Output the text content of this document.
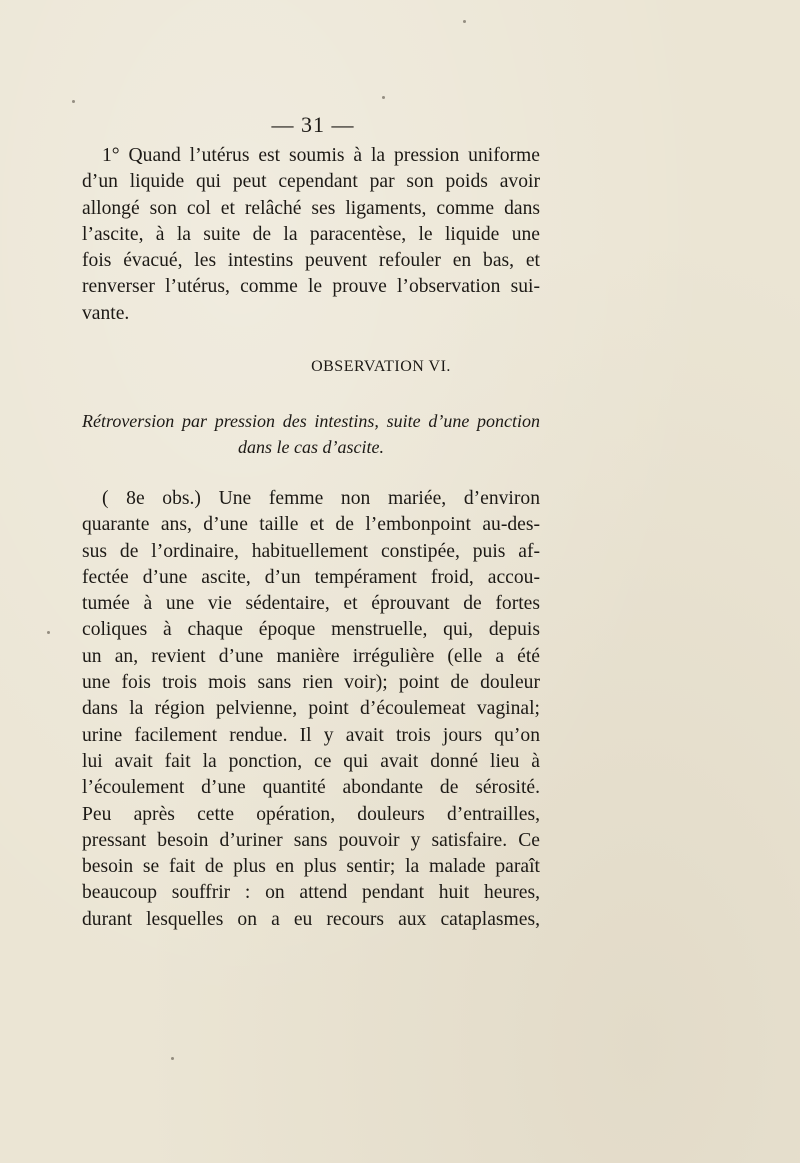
— 31 —
1° Quand l’utérus est soumis à la pression uniforme
d’un liquide qui peut cependant par son poids avoir
allongé son col et relâché ses ligaments, comme dans
l’ascite, à la suite de la paracentèse, le liquide une
fois évacué, les intestins peuvent refouler en bas, et
renverser l’utérus, comme le prouve l’observation sui-
vante.
OBSERVATION VI.
Rétroversion par pression des intestins, suite d’une ponction
dans le cas d’ascite.
( 8e obs.) Une femme non mariée, d’environ
quarante ans, d’une taille et de l’embonpoint au-des-
sus de l’ordinaire, habituellement constipée, puis af-
fectée d’une ascite, d’un tempérament froid, accou-
tumée à une vie sédentaire, et éprouvant de fortes
coliques à chaque époque menstruelle, qui, depuis
un an, revient d’une manière irrégulière (elle a été
une fois trois mois sans rien voir); point de douleur
dans la région pelvienne, point d’écoulemeat vaginal;
urine facilement rendue. Il y avait trois jours qu’on
lui avait fait la ponction, ce qui avait donné lieu à
l’écoulement d’une quantité abondante de sérosité.
Peu après cette opération, douleurs d’entrailles,
pressant besoin d’uriner sans pouvoir y satisfaire. Ce
besoin se fait de plus en plus sentir; la malade paraît
beaucoup souffrir : on attend pendant huit heures,
durant lesquelles on a eu recours aux cataplasmes,
